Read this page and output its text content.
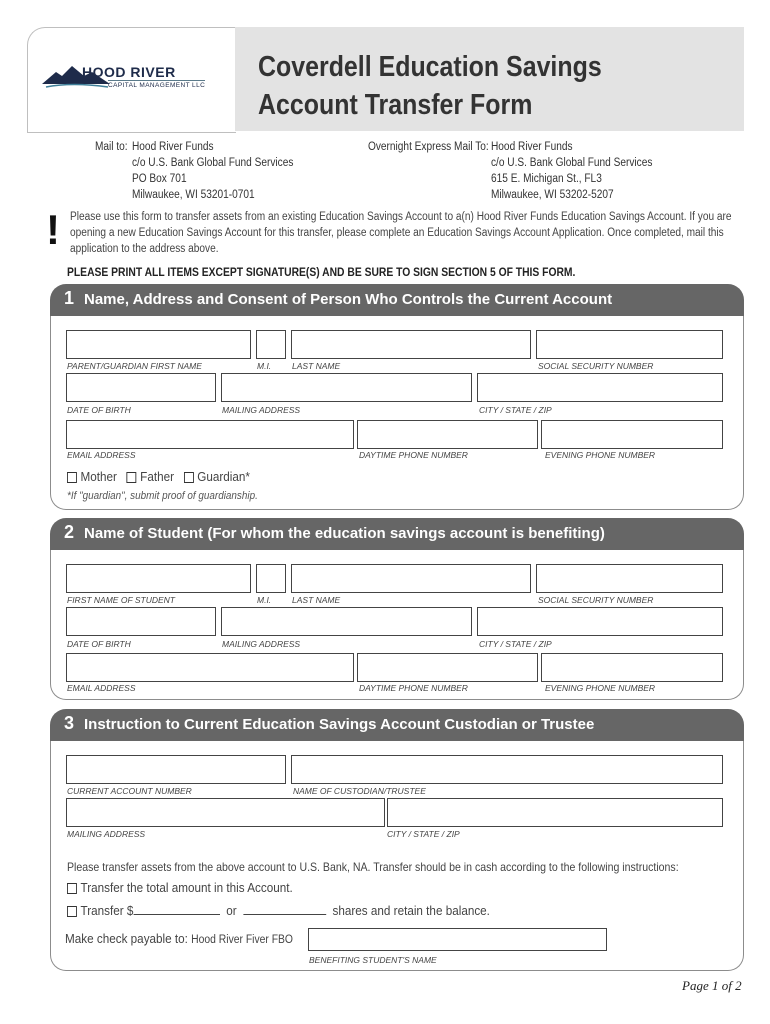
HOOD RIVER
CAPITAL MANAGEMENT LLC
Coverdell Education Savings
Account Transfer Form
Mail to: Hood River Funds
c/o U.S. Bank Global Fund Services
PO Box 701
Milwaukee, WI 53201-0701
Overnight Express Mail To: Hood River Funds
c/o U.S. Bank Global Fund Services
615 E. Michigan St., FL3
Milwaukee, WI 53202-5207
! Please use this form to transfer assets from an existing Education Savings Account to a(n) Hood River Funds Education Savings Account. If you are opening a new Education Savings Account for this transfer, please complete an Education Savings Account Application. Once completed, mail this application to the address above.
PLEASE PRINT ALL ITEMS EXCEPT SIGNATURE(S) AND BE SURE TO SIGN SECTION 5 OF THIS FORM.
1 Name, Address and Consent of Person Who Controls the Current Account
PARENT/GUARDIAN FIRST NAME	M.I. LAST NAME	SOCIAL SECURITY NUMBER
DATE OF BIRTH	MAILING ADDRESS	CITY / STATE / ZIP
EMAIL ADDRESS	DAYTIME PHONE NUMBER	EVENING PHONE NUMBER
Mother Father Guardian*
*If "guardian", submit proof of guardianship.
2 Name of Student (For whom the education savings account is benefiting)
FIRST NAME OF STUDENT	M.I. LAST NAME	SOCIAL SECURITY NUMBER
DATE OF BIRTH	MAILING ADDRESS	CITY / STATE / ZIP
EMAIL ADDRESS	DAYTIME PHONE NUMBER	EVENING PHONE NUMBER
3 Instruction to Current Education Savings Account Custodian or Trustee
CURRENT ACCOUNT NUMBER	NAME OF CUSTODIAN/TRUSTEE
MAILING ADDRESS	CITY / STATE / ZIP
Please transfer assets from the above account to U.S. Bank, NA. Transfer should be in cash according to the following instructions:
Transfer the total amount in this Account.
Transfer $	or	shares and retain the balance.
Make check payable to: Hood River Fiver FBO
BENEFITING STUDENT'S NAME
Page 1 of 2
